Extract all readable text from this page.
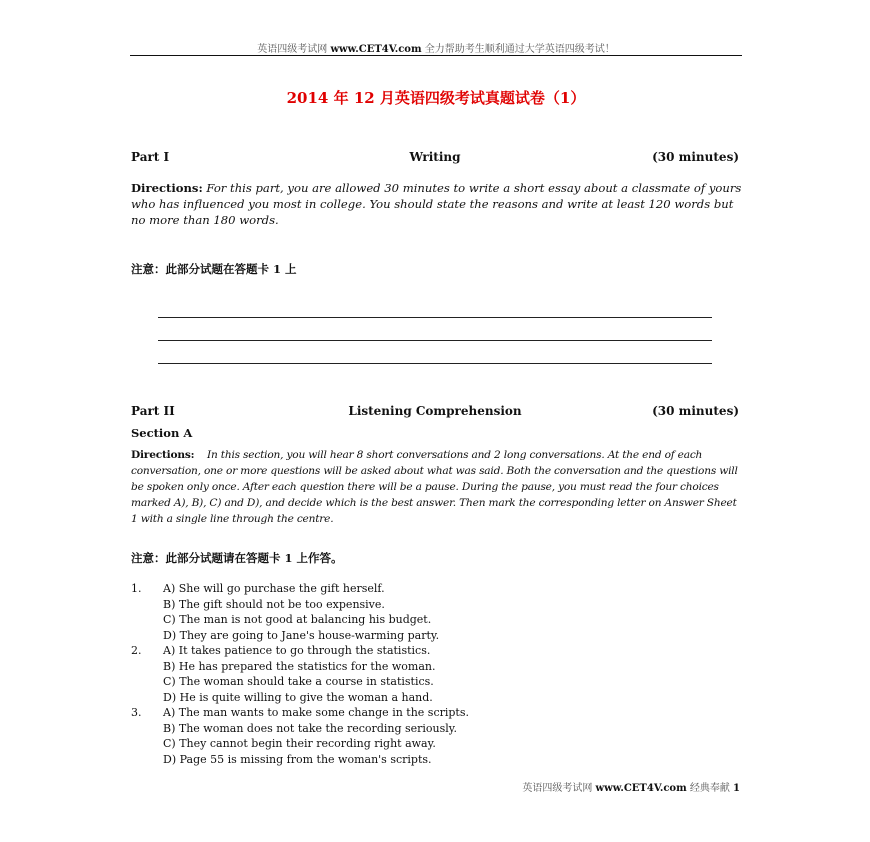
英语四级考试网 www.CET4V.com 全力帮助考生顺利通过大学英语四级考试！
2014 年 12 月英语四级考试真题试卷（1）
Part I	Writing	(30 minutes)
Directions: For this part, you are allowed 30 minutes to write a short essay about a classmate of yours who has influenced you most in college. You should state the reasons and write at least 120 words but no more than 180 words.
注意：此部分试题在答题卡 1 上
Part II	Listening Comprehension	(30 minutes)
Section A
Directions:    In this section, you will hear 8 short conversations and 2 long conversations. At the end of each conversation, one or more questions will be asked about what was said. Both the conversation and the questions will be spoken only once. After each question there will be a pause. During the pause, you must read the four choices marked A), B), C) and D), and decide which is the best answer. Then mark the corresponding letter on Answer Sheet 1 with a single line through the centre.
注意：此部分试题请在答题卡 1 上作答。
1. A) She will go purchase the gift herself.
B) The gift should not be too expensive.
C) The man is not good at balancing his budget.
D) They are going to Jane's house-warming party.
2. A) It takes patience to go through the statistics.
B) He has prepared the statistics for the woman.
C) The woman should take a course in statistics.
D) He is quite willing to give the woman a hand.
3. A) The man wants to make some change in the scripts.
B) The woman does not take the recording seriously.
C) They cannot begin their recording right away.
D) Page 55 is missing from the woman's scripts.
英语四级考试网 www.CET4V.com 经典奉献 1
